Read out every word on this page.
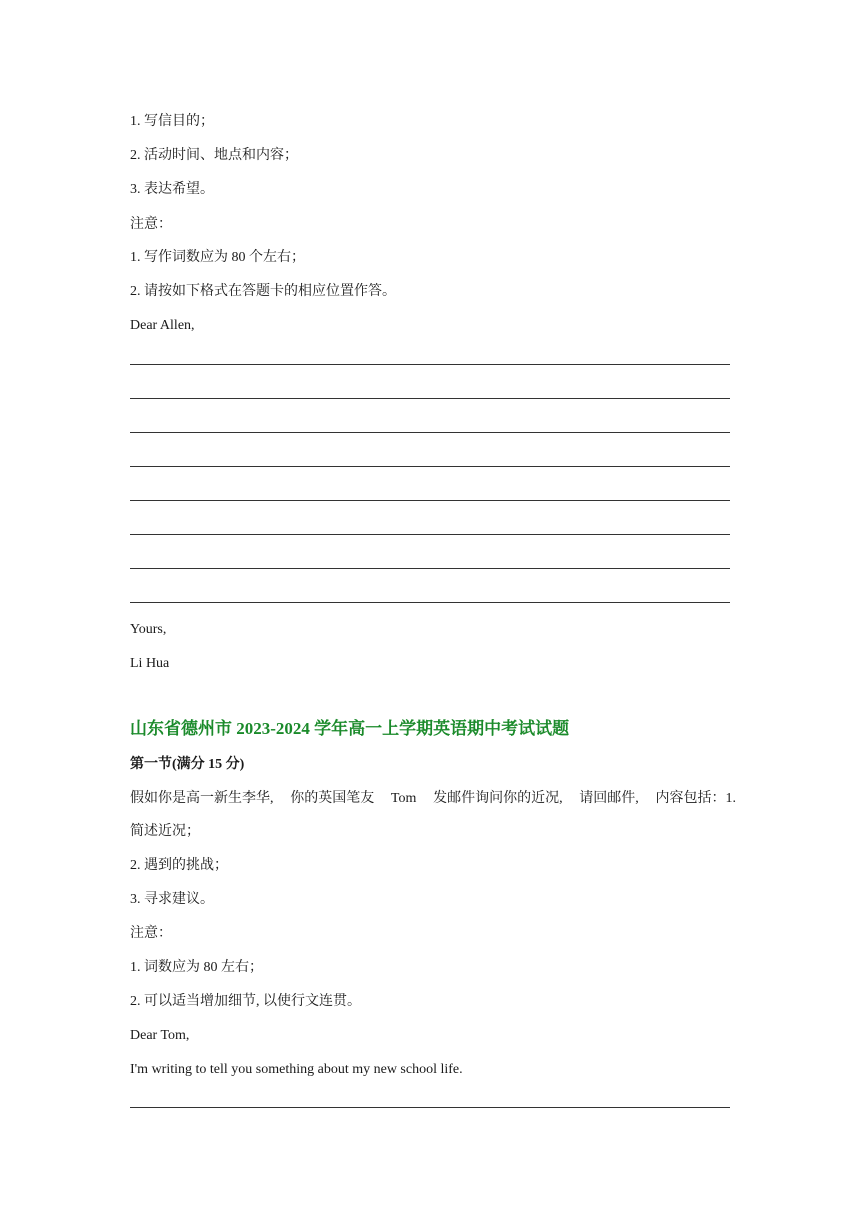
1. 写信目的；
2. 活动时间、地点和内容；
3. 表达希望。
注意：
1. 写作词数应为 80 个左右；
2. 请按如下格式在答题卡的相应位置作答。
Dear Allen,
Yours,
Li Hua
山东省德州市 2023-2024 学年高一上学期英语期中考试试题
第一节(满分 15 分)
假如你是高一新生李华, 你的英国笔友 Tom 发邮件询问你的近况, 请回邮件, 内容包括：1.
简述近况；
2. 遇到的挑战；
3. 寻求建议。
注意：
1. 词数应为 80 左右；
2. 可以适当增加细节, 以使行文连贯。
Dear Tom,
I'm writing to tell you something about my new school life.
